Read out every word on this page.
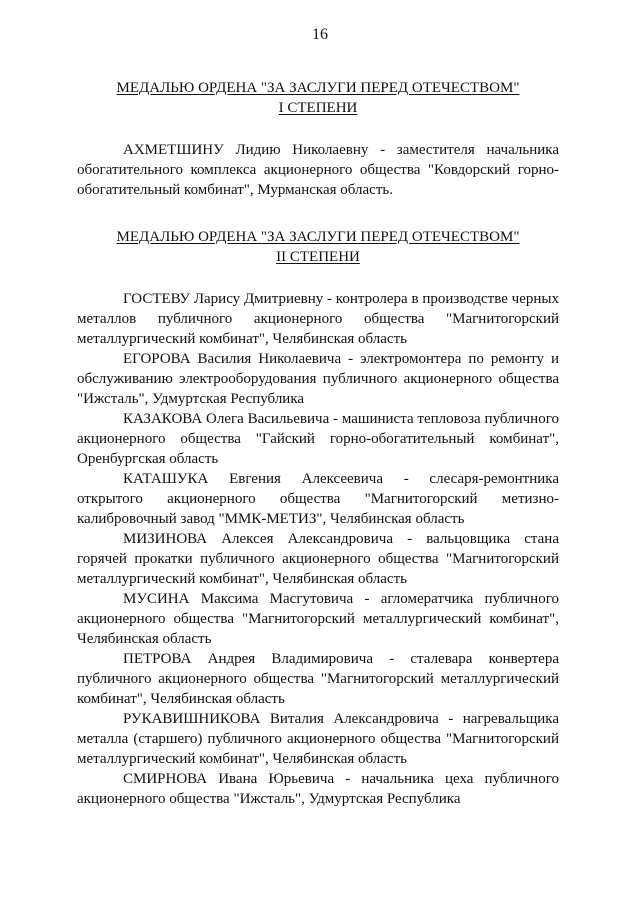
16
МЕДАЛЬЮ ОРДЕНА "ЗА ЗАСЛУГИ ПЕРЕД ОТЕЧЕСТВОМ"
I СТЕПЕНИ

АХМЕТШИНУ Лидию Николаевну - заместителя начальника обогатительного комплекса акционерного общества "Ковдорский горно-обогатительный комбинат", Мурманская область.

МЕДАЛЬЮ ОРДЕНА "ЗА ЗАСЛУГИ ПЕРЕД ОТЕЧЕСТВОМ"
II СТЕПЕНИ

ГОСТЕВУ Ларису Дмитриевну - контролера в производстве черных металлов публичного акционерного общества "Магнитогорский металлургический комбинат", Челябинская область

ЕГОРОВА Василия Николаевича - электромонтера по ремонту и обслуживанию электрооборудования публичного акционерного общества "Ижсталь", Удмуртская Республика

КАЗАКОВА Олега Васильевича - машиниста тепловоза публичного акционерного общества "Гайский горно-обогатительный комбинат", Оренбургская область

КАТАШУКА Евгения Алексеевича - слесаря-ремонтника открытого акционерного общества "Магнитогорский метизно-калибровочный завод "ММК-МЕТИЗ", Челябинская область

МИЗИНОВА Алексея Александровича - вальцовщика стана горячей прокатки публичного акционерного общества "Магнитогорский металлургический комбинат", Челябинская область

МУСИНА Максима Масгутовича - агломератчика публичного акционерного общества "Магнитогорский металлургический комбинат", Челябинская область

ПЕТРОВА Андрея Владимировича - сталевара конвертера публичного акционерного общества "Магнитогорский металлургический комбинат", Челябинская область

РУКАВИШНИКОВА Виталия Александровича - нагревальщика металла (старшего) публичного акционерного общества "Магнитогорский металлургический комбинат", Челябинская область

СМИРНОВА Ивана Юрьевича - начальника цеха публичного акционерного общества "Ижсталь", Удмуртская Республика
